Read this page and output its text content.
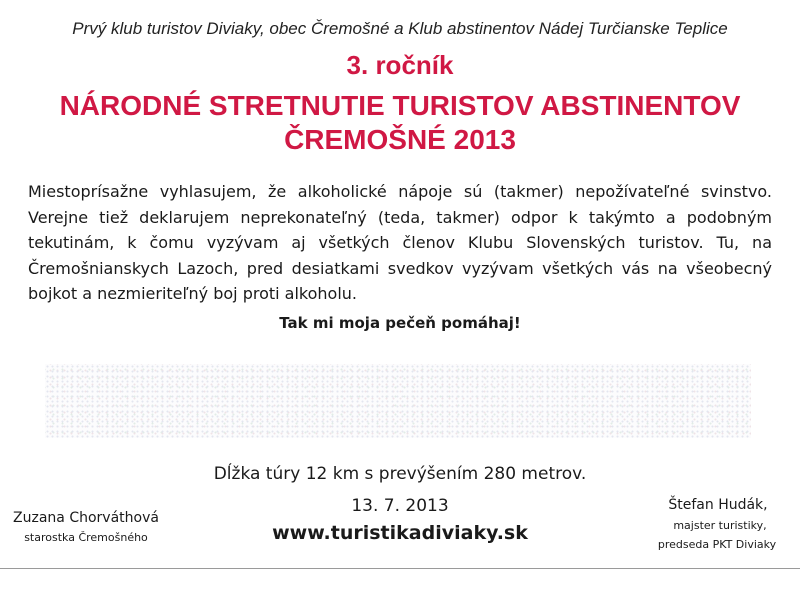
Prvý klub turistov Diviaky, obec Čremošné a Klub abstinentov Nádej Turčianske Teplice
3. ročník
NÁRODNÉ STRETNUTIE TURISTOV ABSTINENTOV
ČREMOŠNÉ 2013
Miestoprísažne vyhlasujem, že alkoholické nápoje sú (takmer) nepožívateľné svinstvo. Verejne tiež deklarujem neprekonateľný (teda, takmer) odpor k takýmto a podobným tekutinám, k čomu vyzývam aj všetkých členov Klubu Slovenských turistov. Tu, na Čremošnianskych Lazoch, pred desiatkami svedkov vyzývam všetkých vás na všeobecný bojkot a nezmieriteľný boj proti alkoholu.
Tak mi moja pečeň pomáhaj!
Dĺžka túry 12 km s prevýšením 280 metrov.
13. 7. 2013
www.turistikadiviaky.sk
Zuzana Chorváthová
starostka Čremošného
Štefan Hudák,
majster turistiky,
predseda PKT Diviaky
